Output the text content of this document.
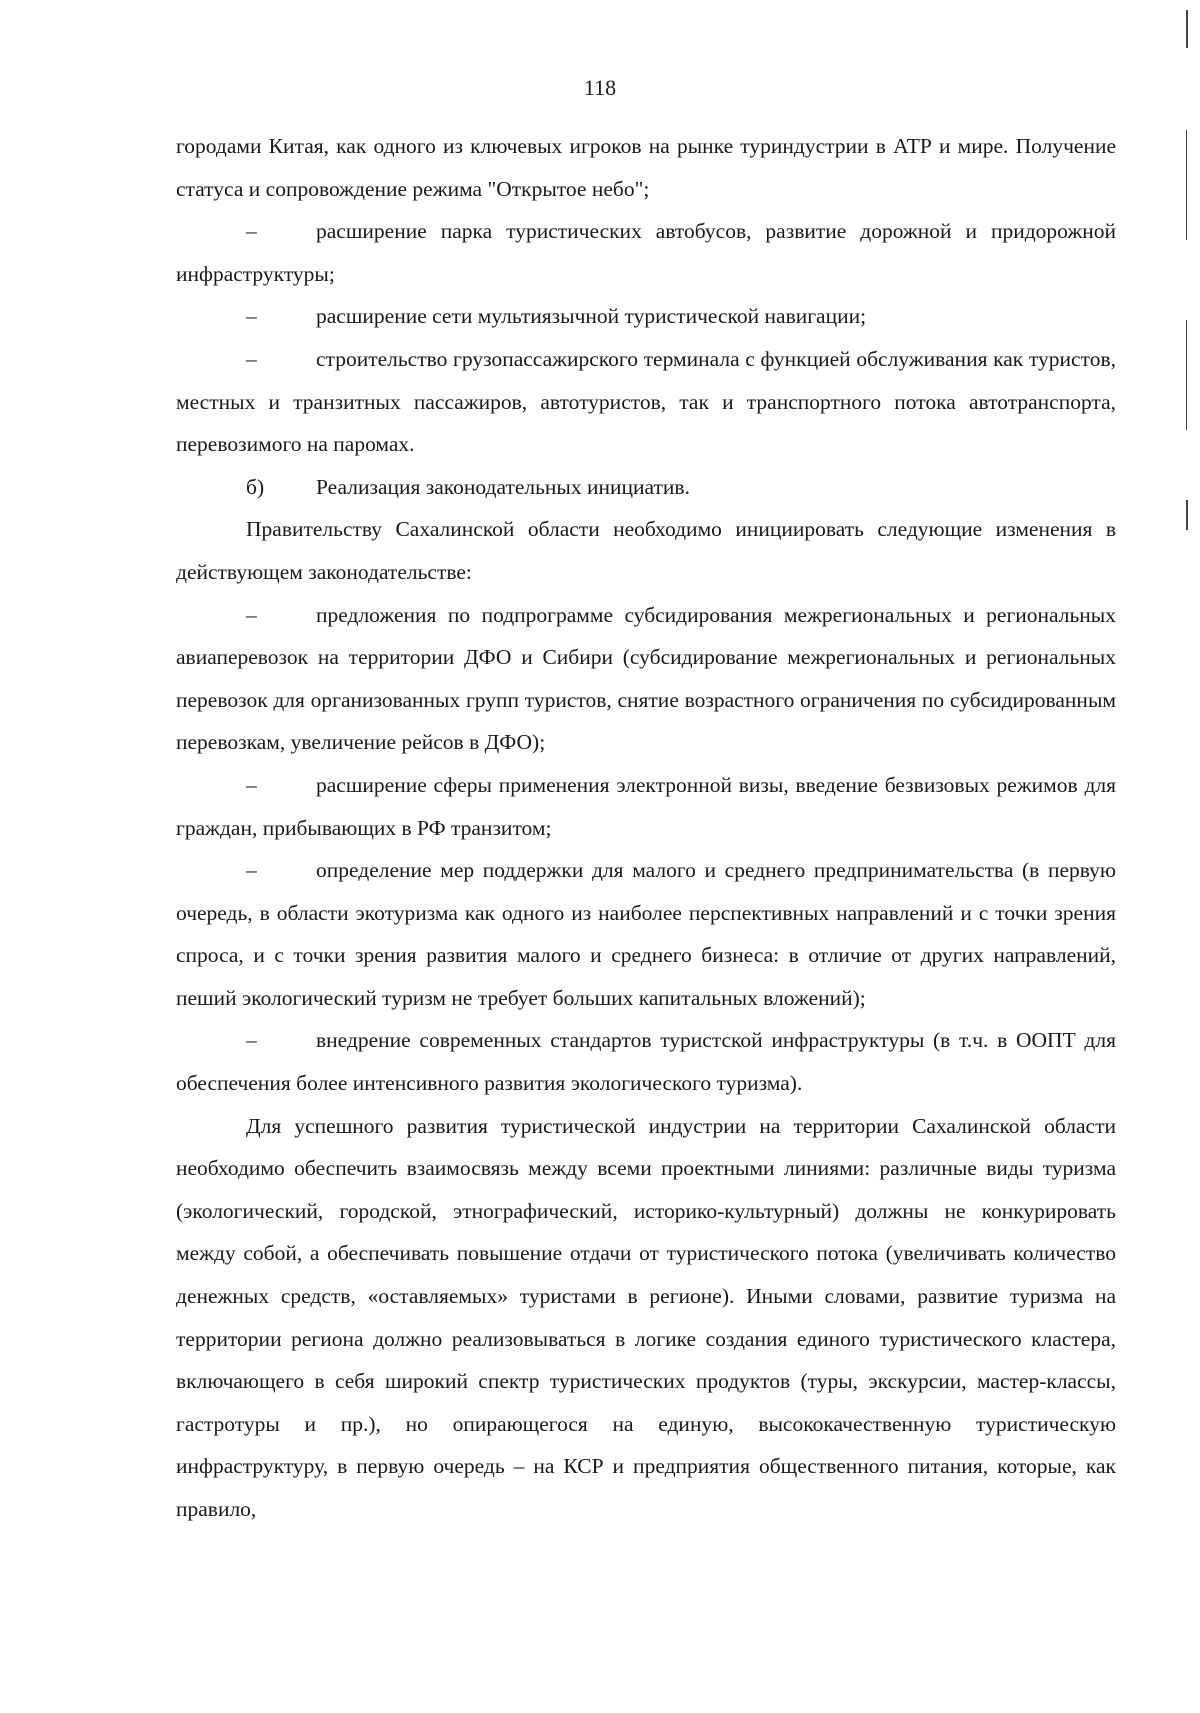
118

городами Китая, как одного из ключевых игроков на рынке туриндустрии в АТР и мире. Получение статуса и сопровождение режима "Открытое небо";

–	расширение парка туристических автобусов, развитие дорожной и придорожной инфраструктуры;

–	расширение сети мультиязычной туристической навигации;

–	строительство грузопассажирского терминала с функцией обслуживания как туристов, местных и транзитных пассажиров, автотуристов, так и транспортного потока автотранспорта, перевозимого на паромах.

б) Реализация законодательных инициатив.

Правительству Сахалинской области необходимо инициировать следующие изменения в действующем законодательстве:

–	предложения по подпрограмме субсидирования межрегиональных и региональных авиаперевозок на территории ДФО и Сибири (субсидирование межрегиональных и региональных перевозок для организованных групп туристов, снятие возрастного ограничения по субсидированным перевозкам, увеличение рейсов в ДФО);

–	расширение сферы применения электронной визы, введение безвизовых режимов для граждан, прибывающих в РФ транзитом;

–	определение мер поддержки для малого и среднего предпринимательства (в первую очередь, в области экотуризма как одного из наиболее перспективных направлений и с точки зрения спроса, и с точки зрения развития малого и среднего бизнеса: в отличие от других направлений, пеший экологический туризм не требует больших капитальных вложений);

–	внедрение современных стандартов туристской инфраструктуры (в т.ч. в ООПТ для обеспечения более интенсивного развития экологического туризма).

Для успешного развития туристической индустрии на территории Сахалинской области необходимо обеспечить взаимосвязь между всеми проектными линиями: различные виды туризма (экологический, городской, этнографический, историко-культурный) должны не конкурировать между собой, а обеспечивать повышение отдачи от туристического потока (увеличивать количество денежных средств, «оставляемых» туристами в регионе). Иными словами, развитие туризма на территории региона должно реализовываться в логике создания единого туристического кластера, включающего в себя широкий спектр туристических продуктов (туры, экскурсии, мастер-классы, гастротуры и пр.), но опирающегося на единую, высококачественную туристическую инфраструктуру, в первую очередь – на КСР и предприятия общественного питания, которые, как правило,
